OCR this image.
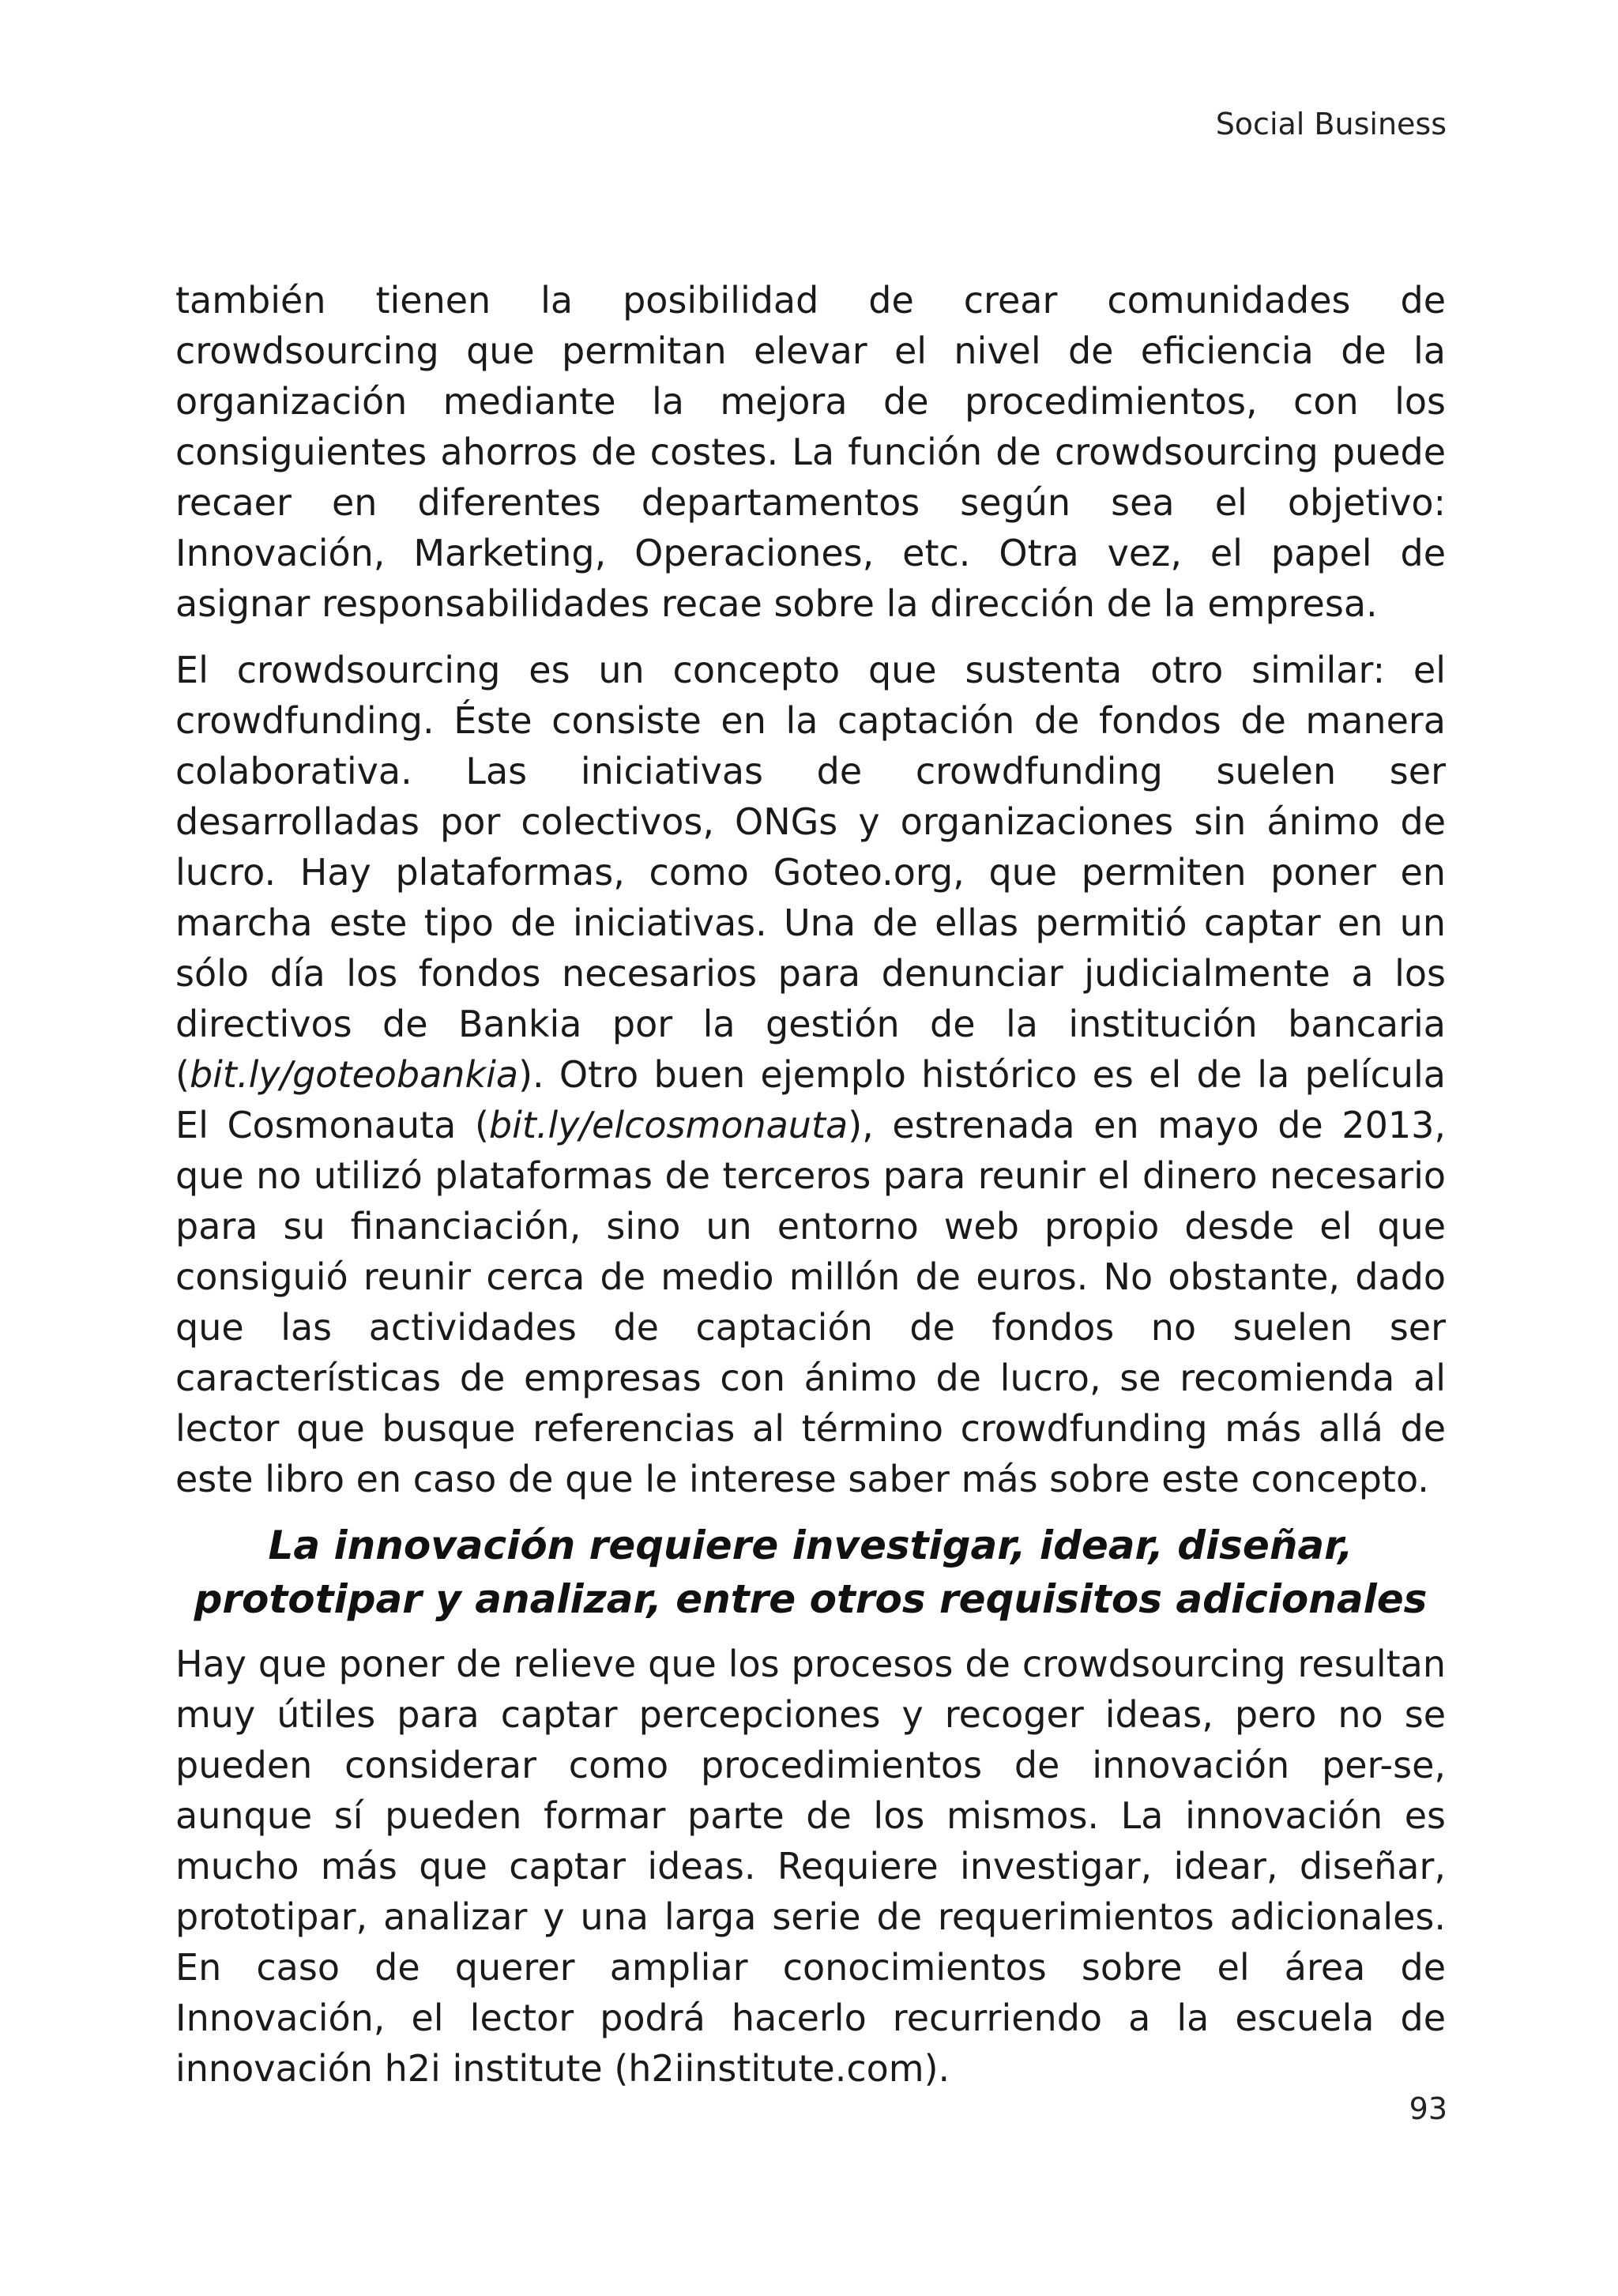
Social Business

también tienen la posibilidad de crear comunidades de crowdsourcing que permitan elevar el nivel de eficiencia de la organización mediante la mejora de procedimientos, con los consiguientes ahorros de costes. La función de crowdsourcing puede recaer en diferentes departamentos según sea el objetivo: Innovación, Marketing, Operaciones, etc. Otra vez, el papel de asignar responsabilidades recae sobre la dirección de la empresa.

El crowdsourcing es un concepto que sustenta otro similar: el crowdfunding. Éste consiste en la captación de fondos de manera colaborativa. Las iniciativas de crowdfunding suelen ser desarrolladas por colectivos, ONGs y organizaciones sin ánimo de lucro. Hay plataformas, como Goteo.org, que permiten poner en marcha este tipo de iniciativas. Una de ellas permitió captar en un sólo día los fondos necesarios para denunciar judicialmente a los directivos de Bankia por la gestión de la institución bancaria (bit.ly/goteobankia). Otro buen ejemplo histórico es el de la película El Cosmonauta (bit.ly/elcosmonauta), estrenada en mayo de 2013, que no utilizó plataformas de terceros para reunir el dinero necesario para su financiación, sino un entorno web propio desde el que consiguió reunir cerca de medio millón de euros. No obstante, dado que las actividades de captación de fondos no suelen ser características de empresas con ánimo de lucro, se recomienda al lector que busque referencias al término crowdfunding más allá de este libro en caso de que le interese saber más sobre este concepto.

La innovación requiere investigar, idear, diseñar,
prototipar y analizar, entre otros requisitos adicionales

Hay que poner de relieve que los procesos de crowdsourcing resultan muy útiles para captar percepciones y recoger ideas, pero no se pueden considerar como procedimientos de innovación per-se, aunque sí pueden formar parte de los mismos. La innovación es mucho más que captar ideas. Requiere investigar, idear, diseñar, prototipar, analizar y una larga serie de requerimientos adicionales. En caso de querer ampliar conocimientos sobre el área de Innovación, el lector podrá hacerlo recurriendo a la escuela de innovación h2i institute (h2iinstitute.com).

93
